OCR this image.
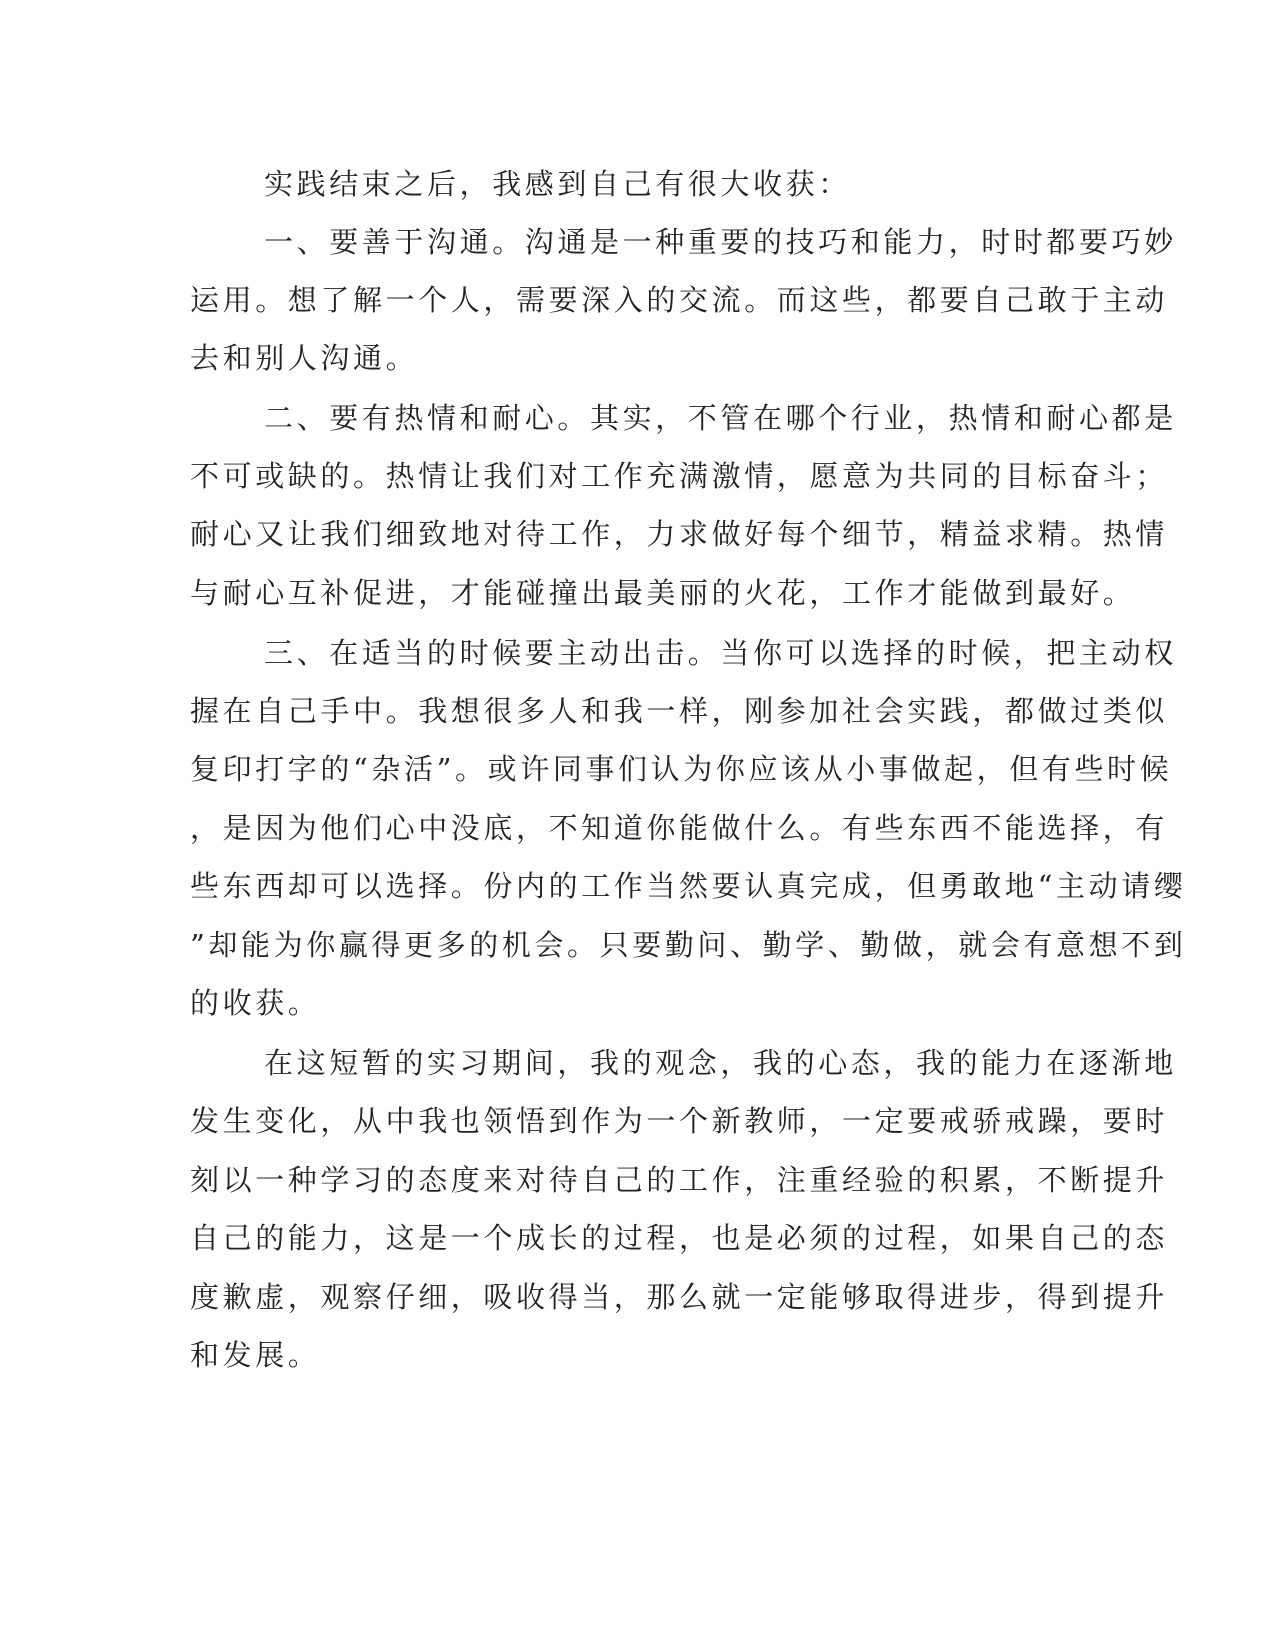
实践结束之后，我感到自己有很大收获：
一、要善于沟通。沟通是一种重要的技巧和能力，时时都要巧妙
运用。想了解一个人，需要深入的交流。而这些，都要自己敢于主动
去和别人沟通。
二、要有热情和耐心。其实，不管在哪个行业，热情和耐心都是
不可或缺的。热情让我们对工作充满激情，愿意为共同的目标奋斗；
耐心又让我们细致地对待工作，力求做好每个细节，精益求精。热情
与耐心互补促进，才能碰撞出最美丽的火花，工作才能做到最好。
三、在适当的时候要主动出击。当你可以选择的时候，把主动权
握在自己手中。我想很多人和我一样，刚参加社会实践，都做过类似
复印打字的“杂活”。或许同事们认为你应该从小事做起，但有些时候
，是因为他们心中没底，不知道你能做什么。有些东西不能选择，有
些东西却可以选择。份内的工作当然要认真完成，但勇敢地“主动请缨
”却能为你赢得更多的机会。只要勤问、勤学、勤做，就会有意想不到
的收获。
在这短暂的实习期间，我的观念，我的心态，我的能力在逐渐地
发生变化，从中我也领悟到作为一个新教师，一定要戒骄戒躁，要时
刻以一种学习的态度来对待自己的工作，注重经验的积累，不断提升
自己的能力，这是一个成长的过程，也是必须的过程，如果自己的态
度歉虚，观察仔细，吸收得当，那么就一定能够取得进步，得到提升
和发展。
